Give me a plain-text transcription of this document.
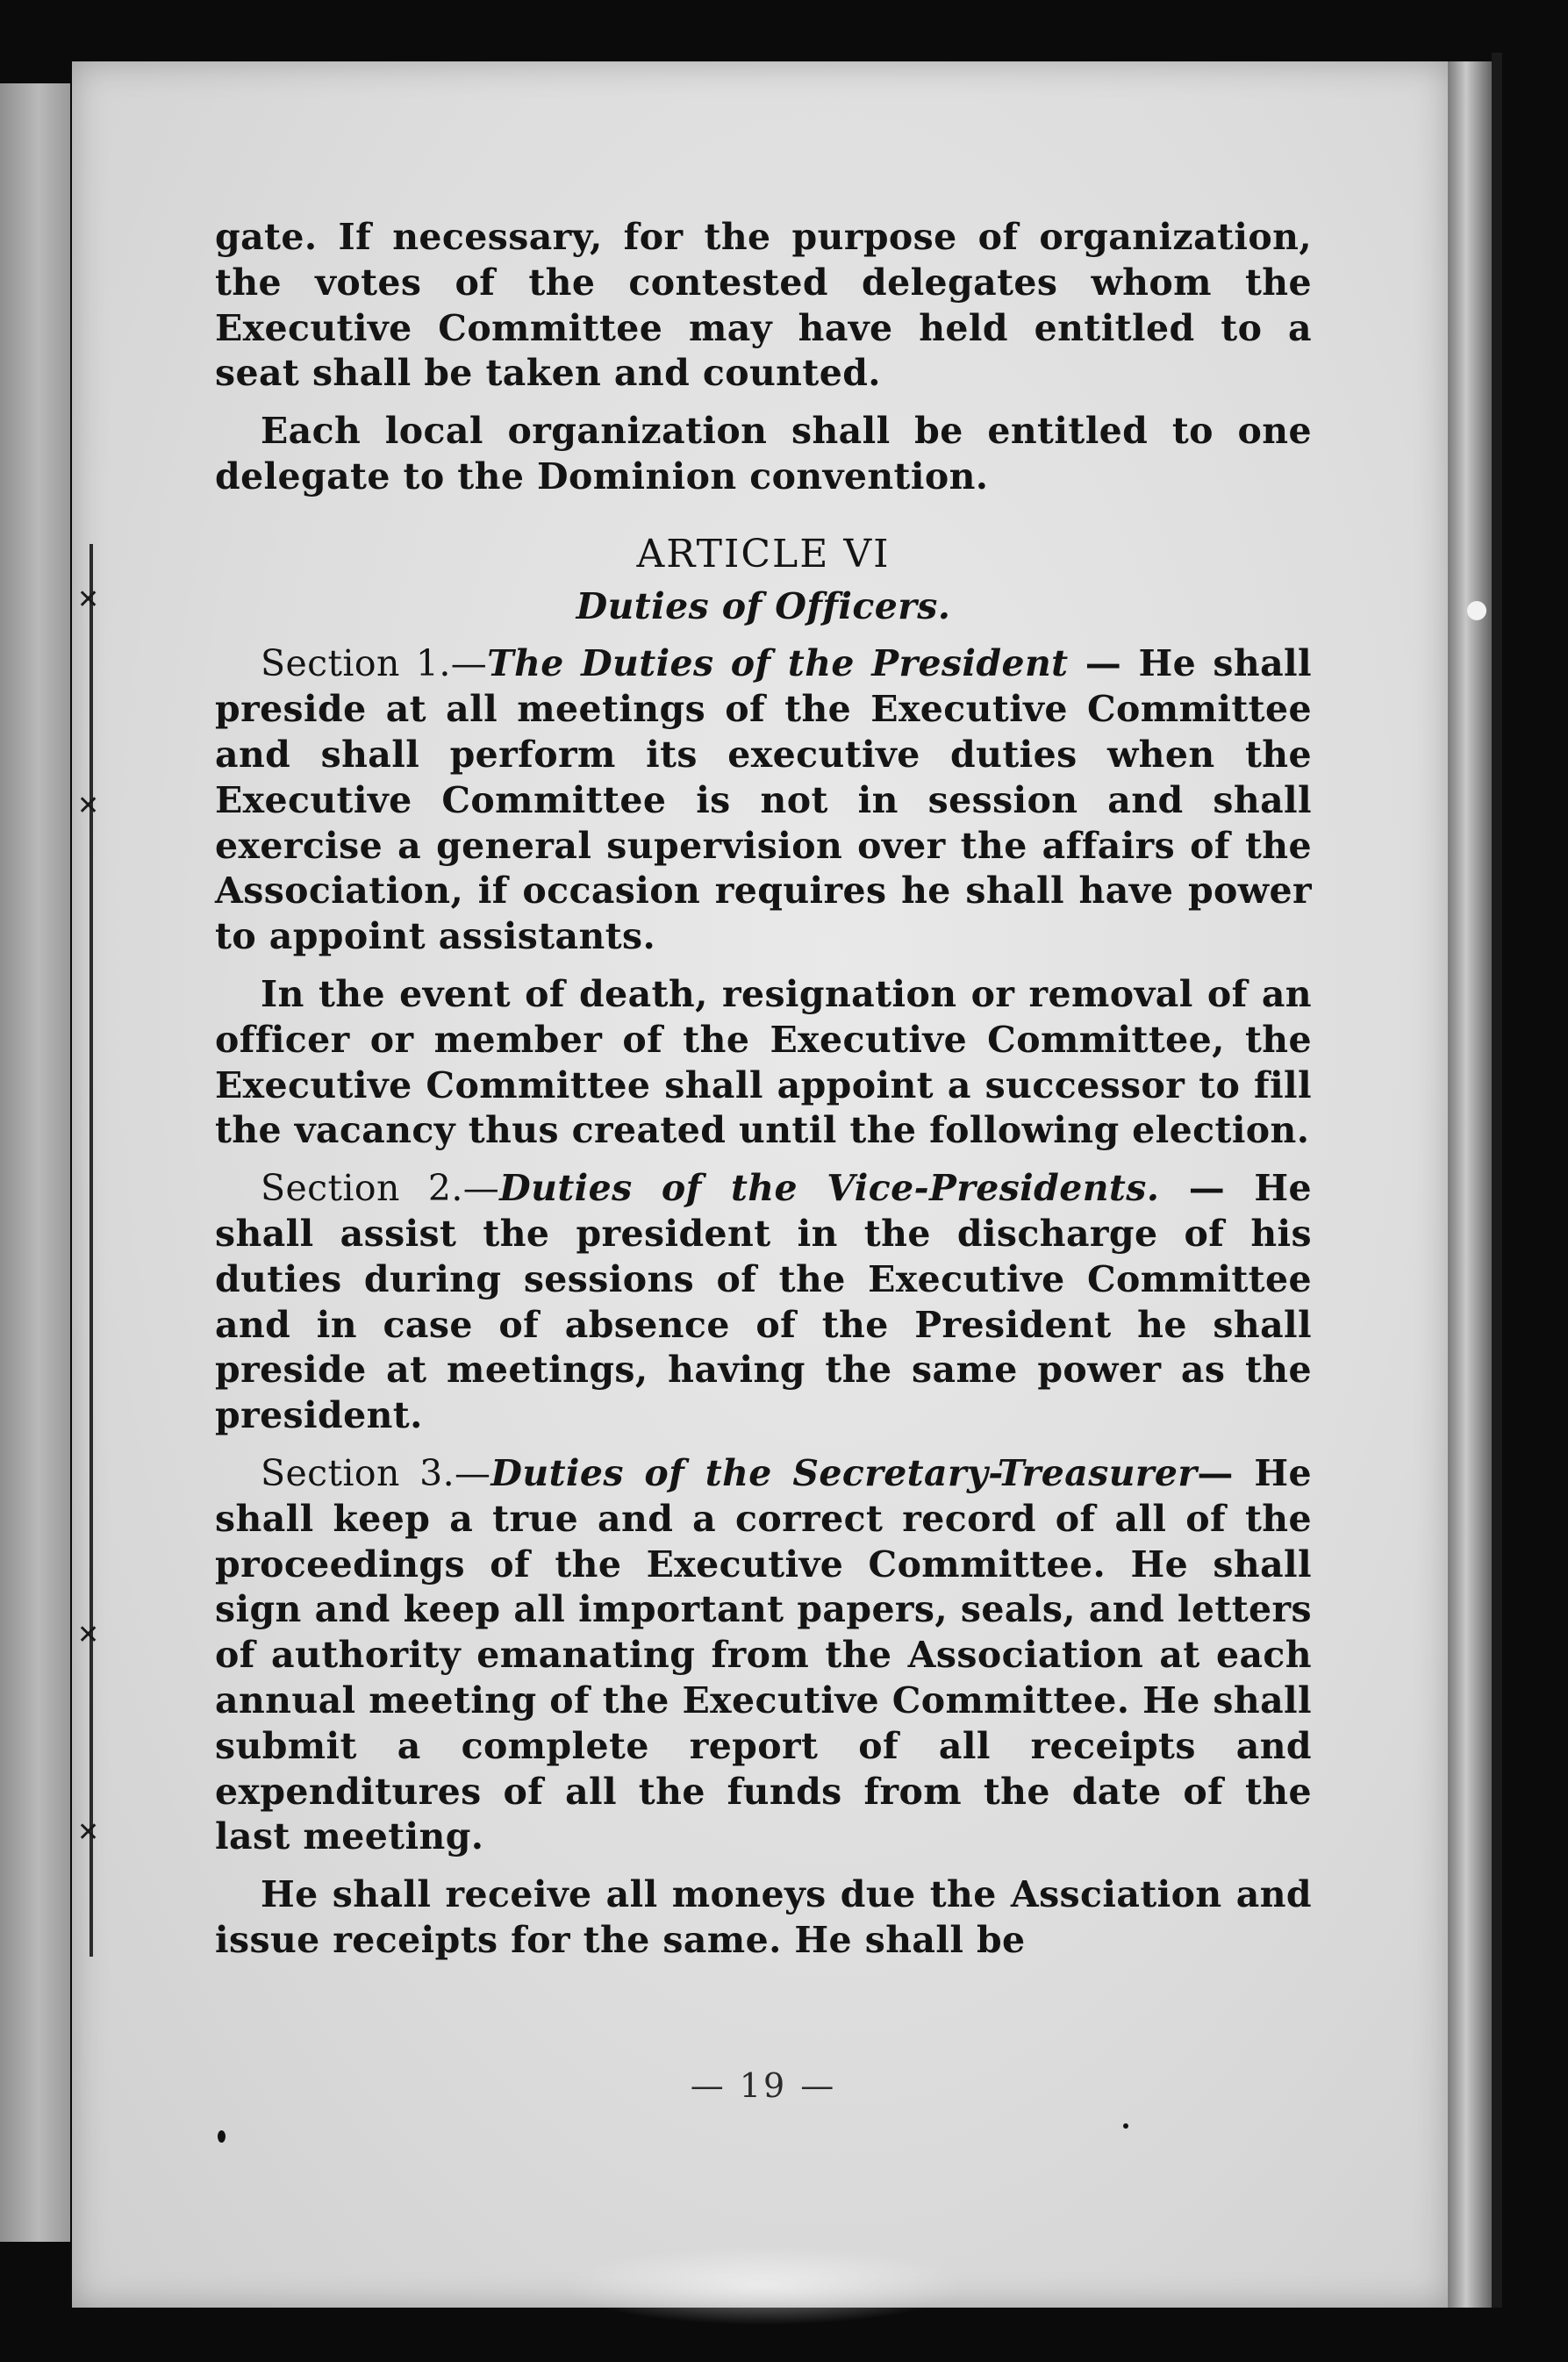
✕
✕
✕
✕

gate. If necessary, for the purpose of organization, the votes of the contested delegates whom the Executive Committee may have held entitled to a seat shall be taken and counted.

Each local organization shall be entitled to one delegate to the Dominion convention.

ARTICLE VI

Duties of Officers.

Section 1.—The Duties of the President — He shall preside at all meetings of the Executive Committee and shall perform its executive duties when the Executive Committee is not in session and shall exercise a general supervision over the affairs of the Association, if occasion requires he shall have power to appoint assistants.

In the event of death, resignation or removal of an officer or member of the Executive Committee, the Executive Committee shall appoint a successor to fill the vacancy thus created until the following election.

Section 2.—Duties of the Vice-Presidents. — He shall assist the president in the discharge of his duties during sessions of the Executive Committee and in case of absence of the President he shall preside at meetings, having the same power as the president.

Section 3.—Duties of the Secretary-Treasurer— He shall keep a true and a correct record of all of the proceedings of the Executive Committee. He shall sign and keep all important papers, seals, and letters of authority emanating from the Association at each annual meeting of the Executive Committee. He shall submit a complete report of all receipts and expenditures of all the funds from the date of the last meeting.

He shall receive all moneys due the Assciation and issue receipts for the same. He shall be

— 19 —
